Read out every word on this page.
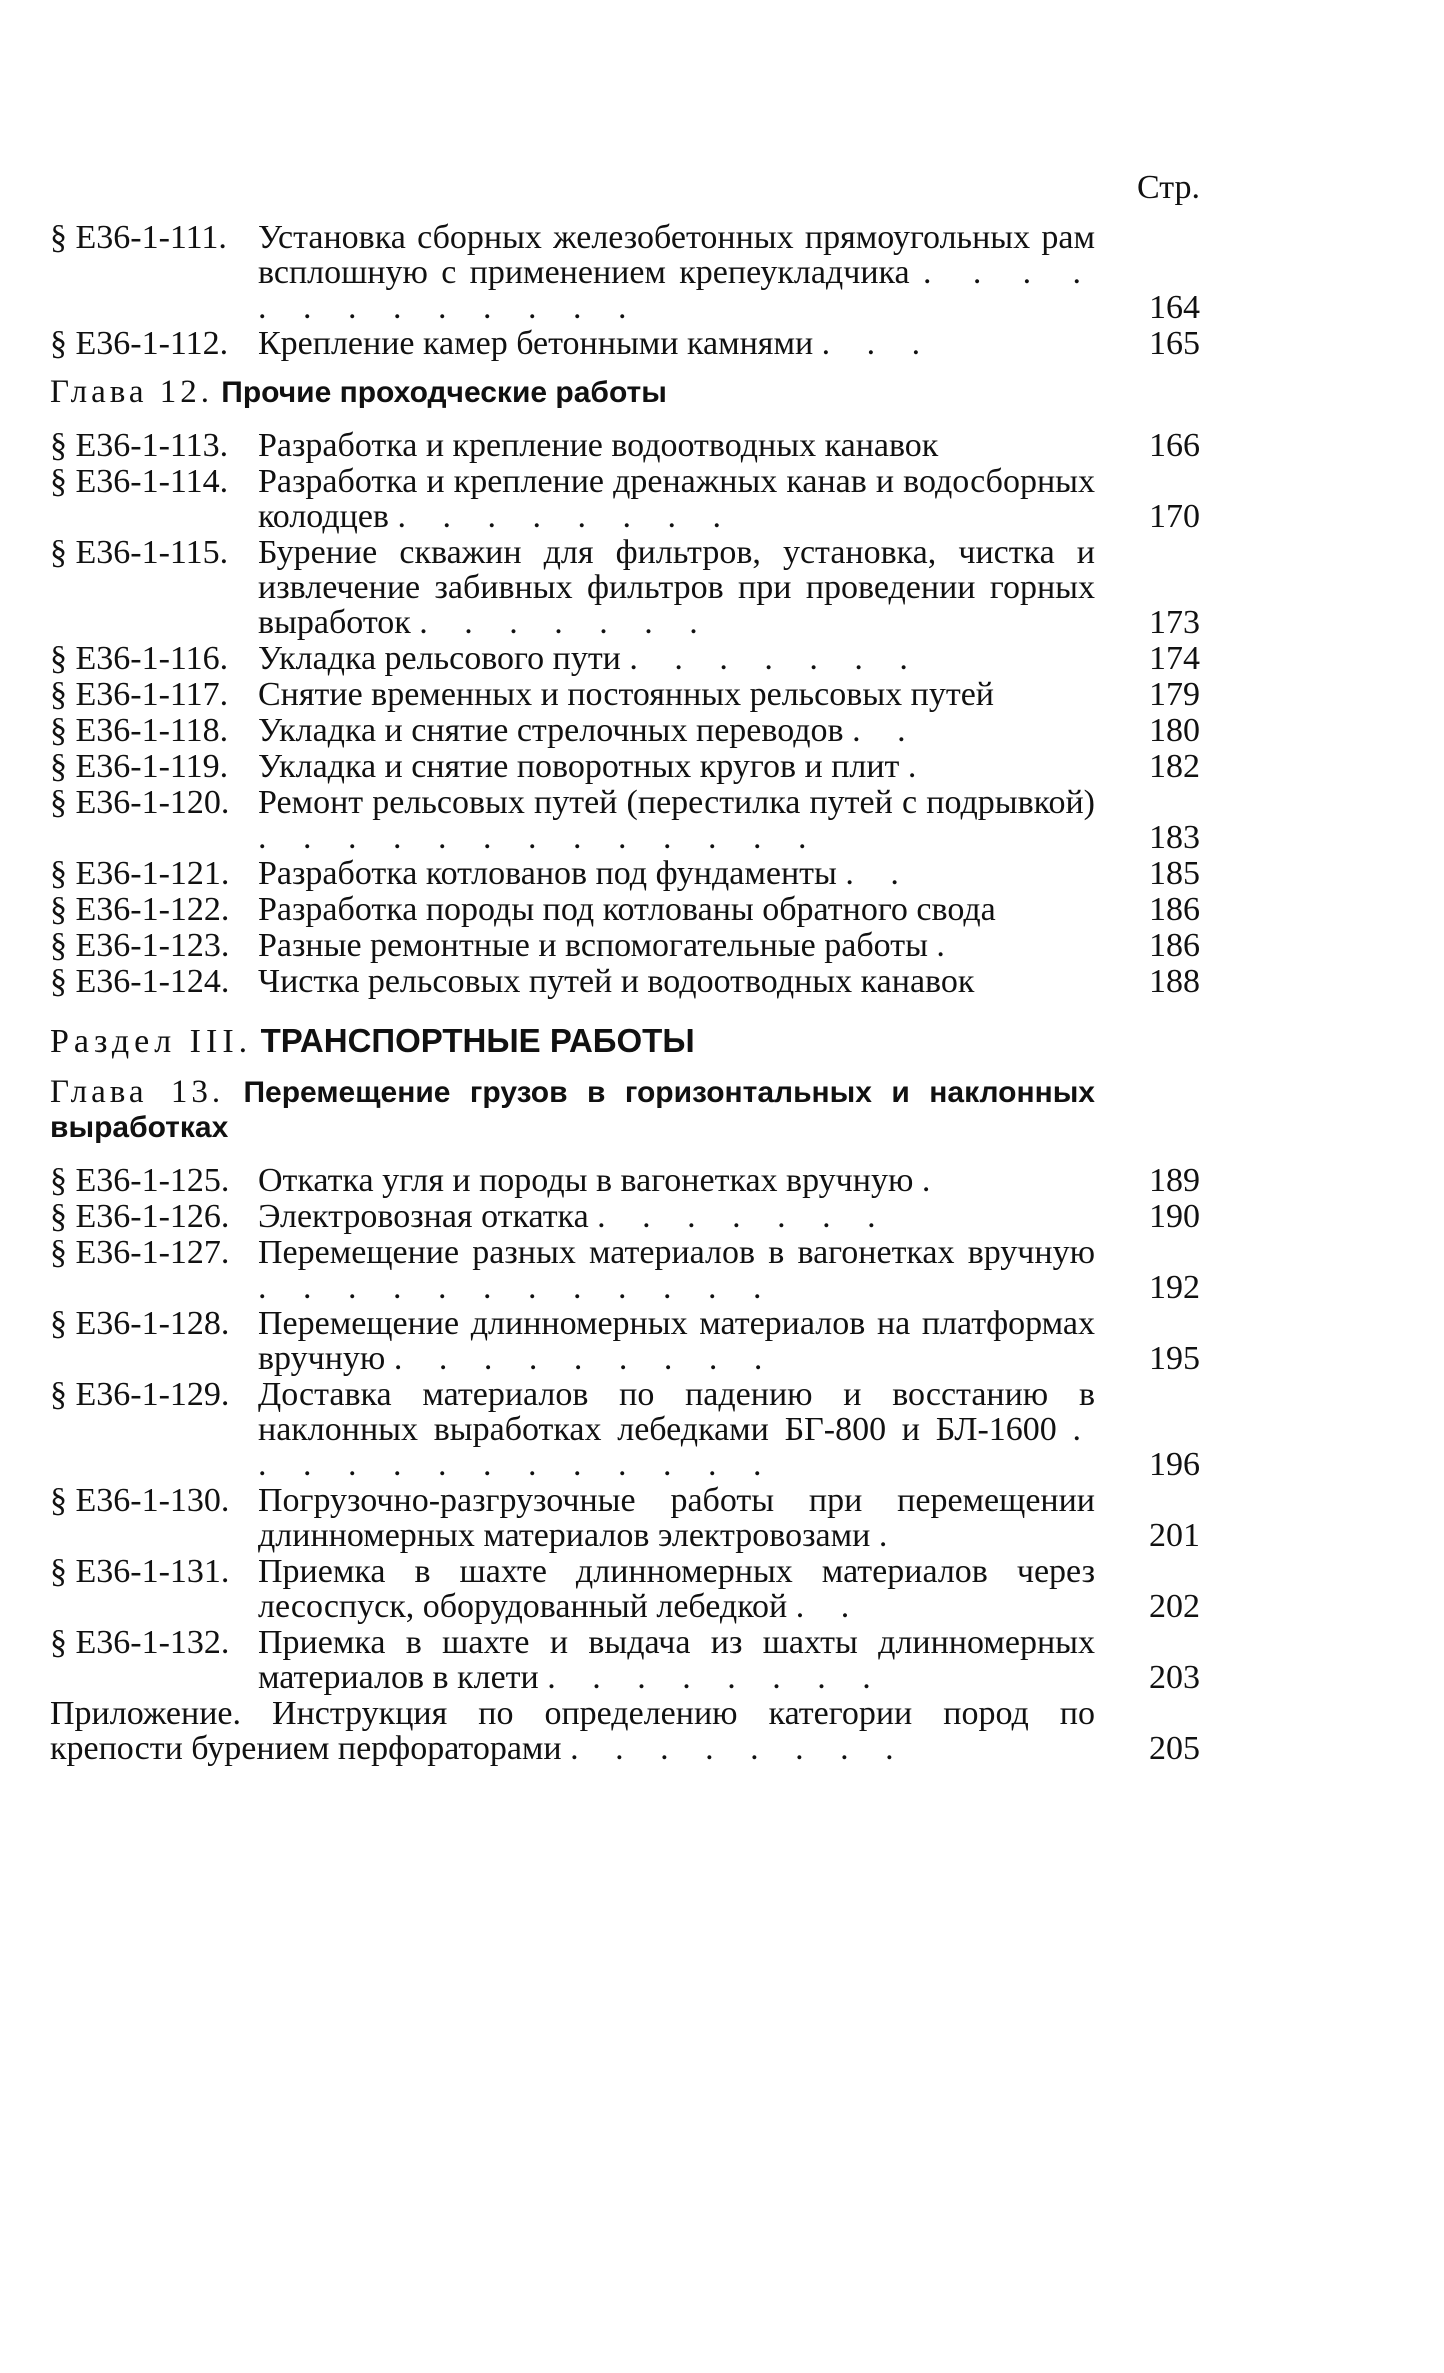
Стр.
§ Е36-1-111. Установка сборных железобетонных прямоугольных рам всплошную с применением крепеукладчика . . . . . . . . . . . . .	164
§ Е36-1-112. Крепление камер бетонными камнями . . .	165
Глава 12. Прочие проходческие работы
§ Е36-1-113. Разработка и крепление водоотводных канавок	166
§ Е36-1-114. Разработка и крепление дренажных канав и водосборных колодцев . . . . . . . .	170
§ Е36-1-115. Бурение скважин для фильтров, установка, чистка и извлечение забивных фильтров при проведении горных выработок . . . . . . .	173
§ Е36-1-116. Укладка рельсового пути . . . . . . .	174
§ Е36-1-117. Снятие временных и постоянных рельсовых путей	179
§ Е36-1-118. Укладка и снятие стрелочных переводов . .	180
§ Е36-1-119. Укладка и снятие поворотных кругов и плит .	182
§ Е36-1-120. Ремонт рельсовых путей (перестилка путей с подрывкой) . . . . . . . . . . . . .	183
§ Е36-1-121. Разработка котлованов под фундаменты . .	185
§ Е36-1-122. Разработка породы под котлованы обратного свода	186
§ Е36-1-123. Разные ремонтные и вспомогательные работы .	186
§ Е36-1-124. Чистка рельсовых путей и водоотводных канавок	188
Раздел III. ТРАНСПОРТНЫЕ РАБОТЫ
Глава 13. Перемещение грузов в горизонтальных и наклонных выработках
§ Е36-1-125. Откатка угля и породы в вагонетках вручную .	189
§ Е36-1-126. Электровозная откатка . . . . . . .	190
§ Е36-1-127. Перемещение разных материалов в вагонетках вручную . . . . . . . . . . . .	192
§ Е36-1-128. Перемещение длинномерных материалов на платформах вручную . . . . . . . . .	195
§ Е36-1-129. Доставка материалов по падению и восстанию в наклонных выработках лебедками БГ-800 и БЛ-1600 . . . . . . . . . . . . .	196
§ Е36-1-130. Погрузочно-разгрузочные работы при перемещении длинномерных материалов электровозами .	201
§ Е36-1-131. Приемка в шахте длинномерных материалов через лесоспуск, оборудованный лебедкой . .	202
§ Е36-1-132. Приемка в шахте и выдача из шахты длинномерных материалов в клети . . . . . . . .	203
Приложение. Инструкция по определению категории пород по крепости бурением перфораторами . . . . . . . .	205
